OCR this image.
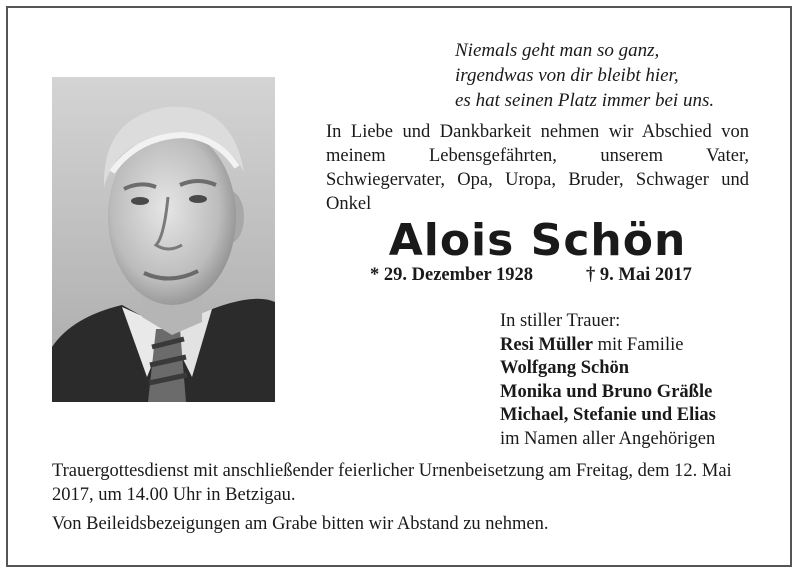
Niemals geht man so ganz,
irgendwas von dir bleibt hier,
es hat seinen Platz immer bei uns.
In Liebe und Dankbarkeit nehmen wir Abschied von meinem Lebensgefährten, unserem Vater, Schwiegervater, Opa, Uropa, Bruder, Schwager und Onkel
Alois Schön
* 29. Dezember 1928	† 9. Mai 2017
In stiller Trauer:
Resi Müller mit Familie
Wolfgang Schön
Monika und Bruno Gräßle
Michael, Stefanie und Elias
im Namen aller Angehörigen
Trauergottesdienst mit anschließender feierlicher Urnenbeisetzung am Freitag, dem 12. Mai 2017, um 14.00 Uhr in Betzigau.
Von Beileidsbezeigungen am Grabe bitten wir Abstand zu nehmen.
